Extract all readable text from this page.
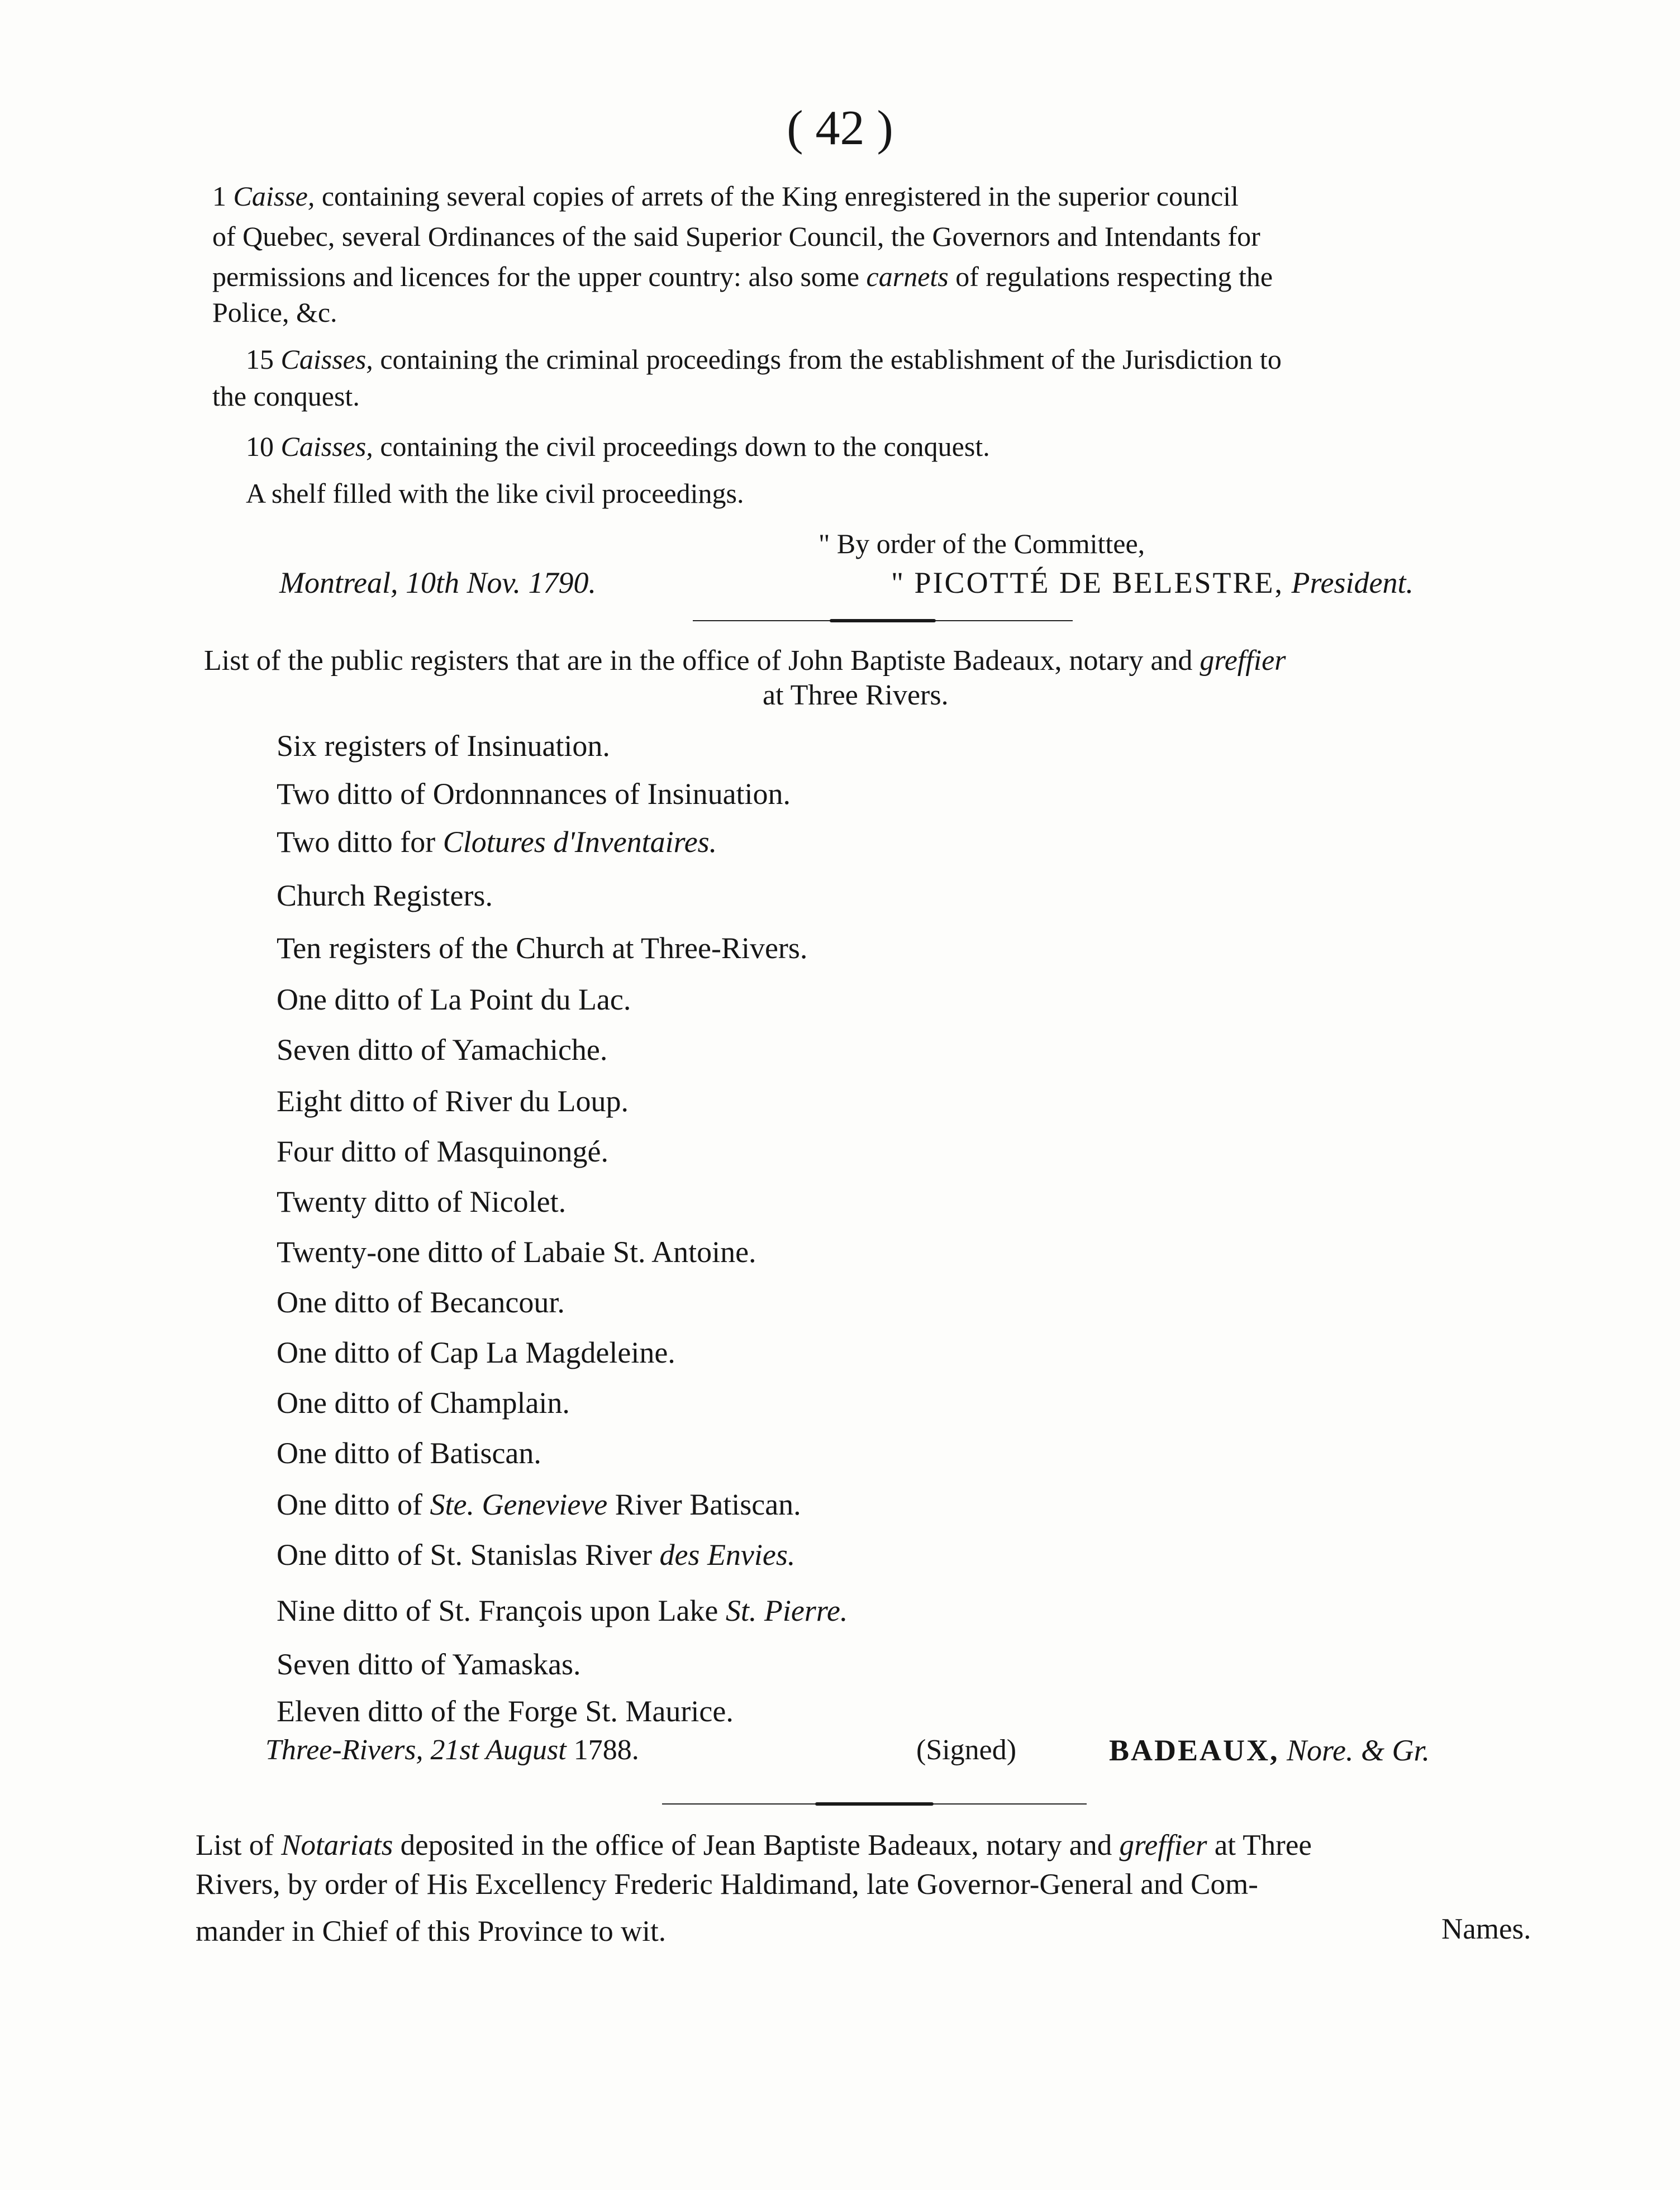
( 42 )
1 Caisse, containing several copies of arrets of the King enregistered in the superior council
of Quebec, several Ordinances of the said Superior Council, the Governors and Intendants for
permissions and licences for the upper country: also some carnets of regulations respecting the
Police, &c.
15 Caisses, containing the criminal proceedings from the establishment of the Jurisdiction to
the conquest.
10 Caisses, containing the civil proceedings down to the conquest.
A shelf filled with the like civil proceedings.
" By order of the Committee,
Montreal, 10th Nov. 1790.	" PICOTTÉ DE BELESTRE, President.
List of the public registers that are in the office of John Baptiste Badeaux, notary and greffier
at Three Rivers.
Six registers of Insinuation.
Two ditto of Ordonnnances of Insinuation.
Two ditto for Clotures d'Inventaires.
Church Registers.
Ten registers of the Church at Three-Rivers.
One ditto of La Point du Lac.
Seven ditto of Yamachiche.
Eight ditto of River du Loup.
Four ditto of Masquinongé.
Twenty ditto of Nicolet.
Twenty-one ditto of Labaie St. Antoine.
One ditto of Becancour.
One ditto of Cap La Magdeleine.
One ditto of Champlain.
One ditto of Batiscan.
One ditto of Ste. Genevieve River Batiscan.
One ditto of St. Stanislas River des Envies.
Nine ditto of St. François upon Lake St. Pierre.
Seven ditto of Yamaskas.
Eleven ditto of the Forge St. Maurice.
Three-Rivers, 21st August 1788.	(Signed)	BADEAUX, Nore. & Gr.
List of Notariats deposited in the office of Jean Baptiste Badeaux, notary and greffier at Three
Rivers, by order of His Excellency Frederic Haldimand, late Governor-General and Com-
mander in Chief of this Province to wit.	Names.
